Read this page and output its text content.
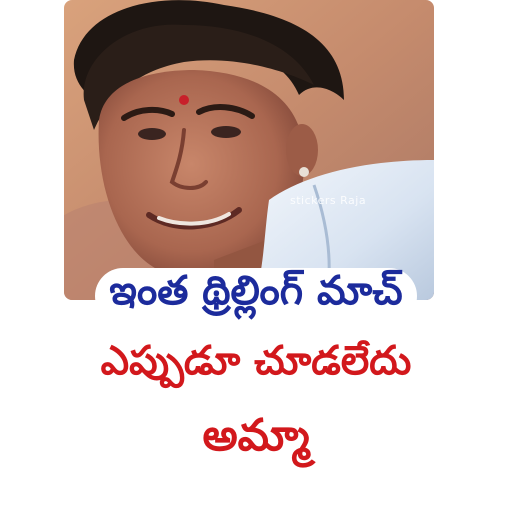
stickers Raja
ఇంత థ్రిల్లింగ్ మాచ్
ఎప్పుడూ చూడలేదు
అమ్మా
